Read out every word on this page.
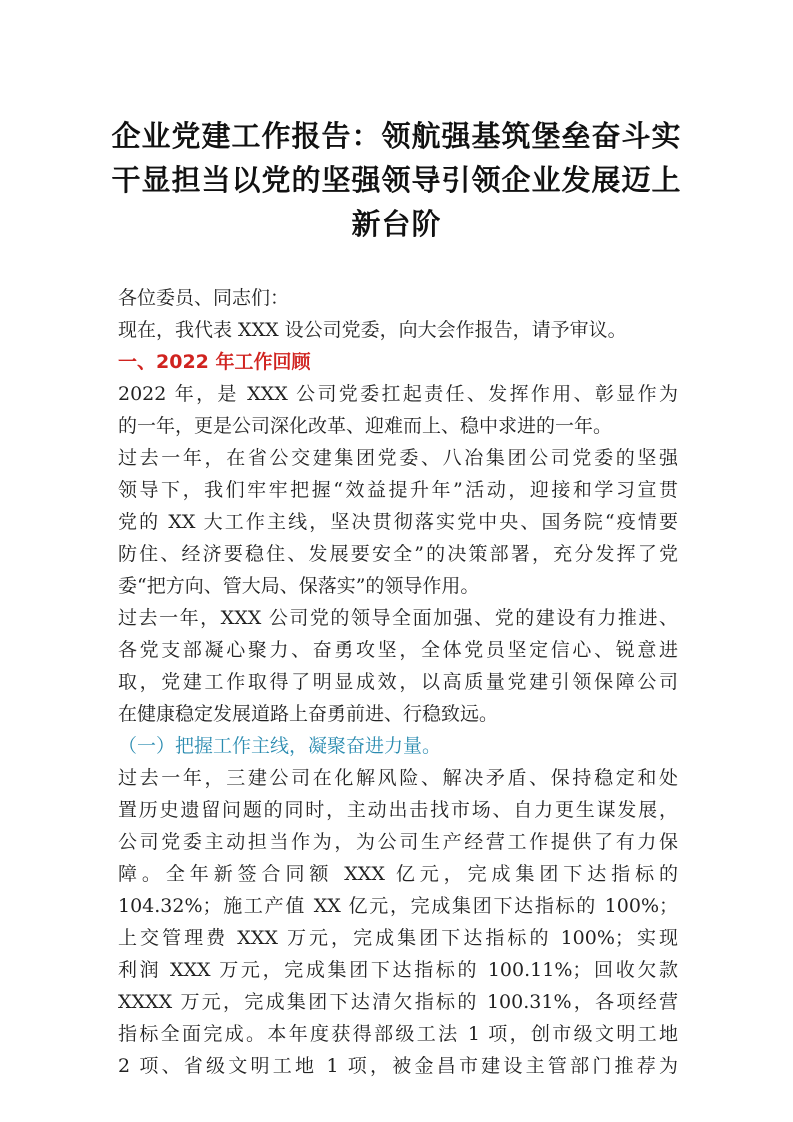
企业党建工作报告：领航强基筑堡垒奋斗实
干显担当以党的坚强领导引领企业发展迈上
新台阶
各位委员、同志们：
现在，我代表 XXX 设公司党委，向大会作报告，请予审议。
一、2022 年工作回顾
2022 年，是 XXX 公司党委扛起责任、发挥作用、彰显作为
的一年，更是公司深化改革、迎难而上、稳中求进的一年。
过去一年，在省公交建集团党委、八冶集团公司党委的坚强
领导下，我们牢牢把握“效益提升年”活动，迎接和学习宣贯
党的 XX 大工作主线，坚决贯彻落实党中央、国务院“疫情要
防住、经济要稳住、发展要安全”的决策部署，充分发挥了党
委“把方向、管大局、保落实”的领导作用。
过去一年，XXX 公司党的领导全面加强、党的建设有力推进、
各党支部凝心聚力、奋勇攻坚，全体党员坚定信心、锐意进
取，党建工作取得了明显成效，以高质量党建引领保障公司
在健康稳定发展道路上奋勇前进、行稳致远。
（一）把握工作主线，凝聚奋进力量。
过去一年，三建公司在化解风险、解决矛盾、保持稳定和处
置历史遗留问题的同时，主动出击找市场、自力更生谋发展，
公司党委主动担当作为，为公司生产经营工作提供了有力保
障。全年新签合同额 XXX 亿元，完成集团下达指标的
104.32%；施工产值 XX 亿元，完成集团下达指标的 100%；
上交管理费 XXX 万元，完成集团下达指标的 100%；实现
利润 XXX 万元，完成集团下达指标的 100.11%；回收欠款
XXXX 万元，完成集团下达清欠指标的 100.31%，各项经营
指标全面完成。本年度获得部级工法 1 项，创市级文明工地
2 项、省级文明工地 1 项，被金昌市建设主管部门推荐为
